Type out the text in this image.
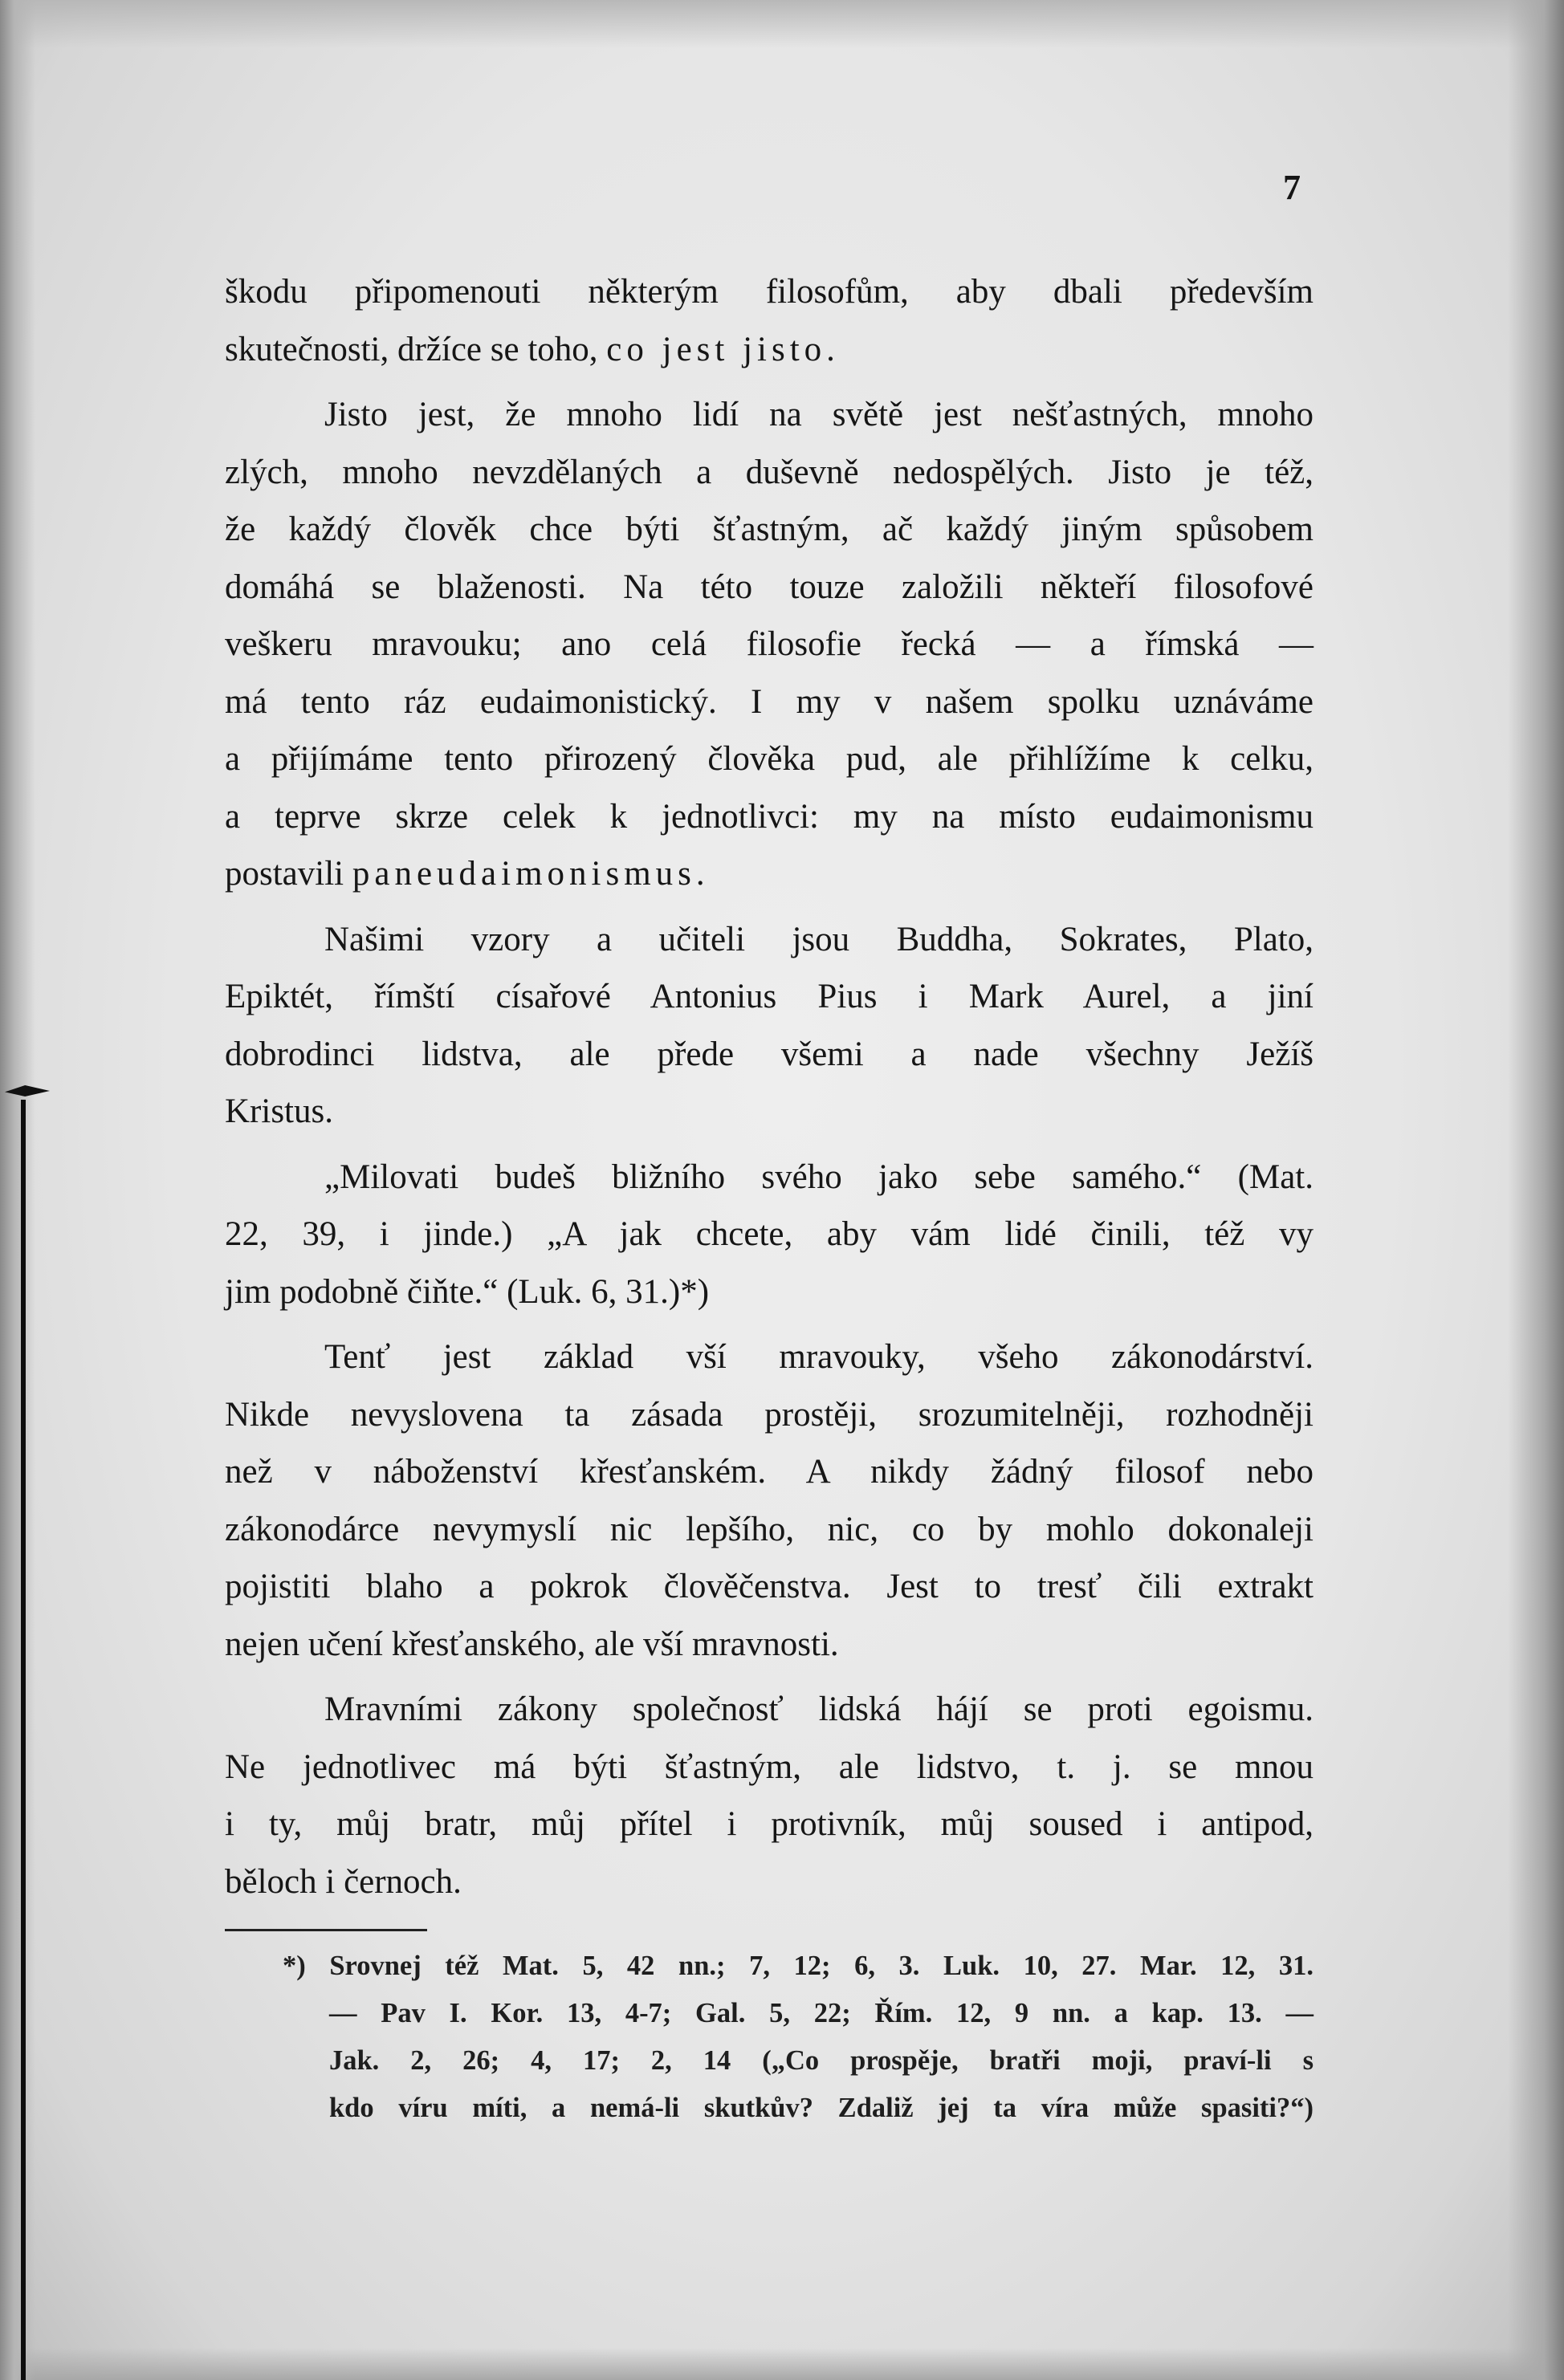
7
škodu připomenouti některým filosofům, aby dbali především
skutečnosti, držíce se toho, co jest jisto.
Jisto jest, že mnoho lidí na světě jest nešťastných, mnoho
zlých, mnoho nevzdělaných a duševně nedospělých. Jisto je též,
že každý člověk chce býti šťastným, ač každý jiným spůsobem
domáhá se blaženosti. Na této touze založili někteří filosofové
veškeru mravouku; ano celá filosofie řecká — a římská —
má tento ráz eudaimonistický. I my v našem spolku uznáváme
a přijímáme tento přirozený člověka pud, ale přihlížíme k celku,
a teprve skrze celek k jednotlivci: my na místo eudaimonismu
postavili paneudaimonismus.
Našimi vzory a učiteli jsou Buddha, Sokrates, Plato,
Epiktét, římští císařové Antonius Pius i Mark Aurel, a jiní
dobrodinci lidstva, ale přede všemi a nade všechny Ježíš
Kristus.
„Milovati budeš bližního svého jako sebe samého.“ (Mat.
22, 39, i jinde.) „A jak chcete, aby vám lidé činili, též vy
jim podobně čiňte.“ (Luk. 6, 31.)*)
Tenť jest základ vší mravouky, všeho zákonodárství.
Nikde nevyslovena ta zásada prostěji, srozumitelněji, rozhodněji
než v náboženství křesťanském. A nikdy žádný filosof nebo
zákonodárce nevymyslí nic lepšího, nic, co by mohlo dokonaleji
pojistiti blaho a pokrok člověčenstva. Jest to tresť čili extrakt
nejen učení křesťanského, ale vší mravnosti.
Mravními zákony společnosť lidská hájí se proti egoismu.
Ne jednotlivec má býti šťastným, ale lidstvo, t. j. se mnou
i ty, můj bratr, můj přítel i protivník, můj soused i antipod,
běloch i černoch.
*) Srovnej též Mat. 5, 42 nn.; 7, 12; 6, 3. Luk. 10, 27. Mar. 12, 31.
— Pav I. Kor. 13, 4-7; Gal. 5, 22; Řím. 12, 9 nn. a kap. 13. —
Jak. 2, 26; 4, 17; 2, 14 („Co prospěje, bratři moji, praví-li s
kdo víru míti, a nemá-li skutkův? Zdaliž jej ta víra může spasiti?“)
